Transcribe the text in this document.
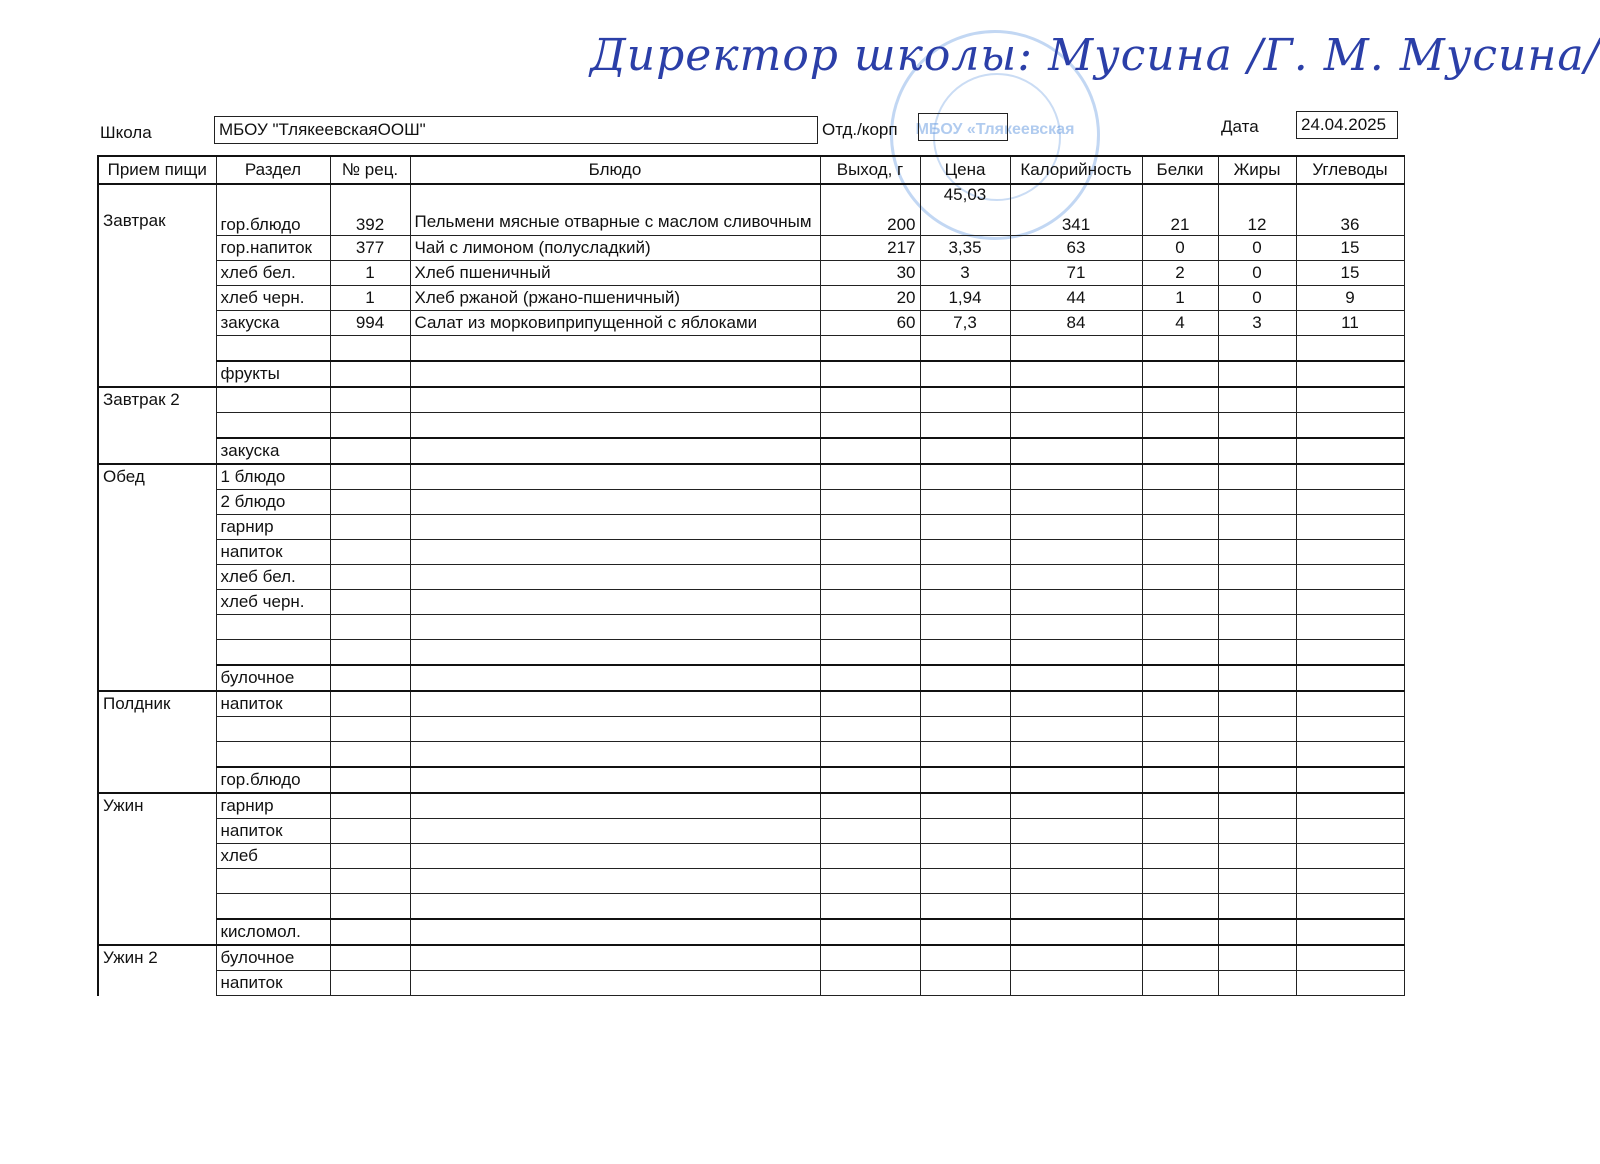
МБОУ «Тлякеевская
Директор школы: Мусина /Г. М. Мусина/
Школа	МБОУ "ТлякеевскаяООШ"	Отд./корп	Дата 24.04.2025
Прием пищи	Раздел	№ рец.	Блюдо	Выход, г	Цена	Калорийность	Белки	Жиры	Углеводы
Завтрак	гор.блюдо	392	Пельмени мясные отварные с маслом сливочным	200	45,03	341	21	12	36
	гор.напиток	377	Чай с лимоном (полусладкий)	217	3,35	63	0	0	15
	хлеб бел.	1	Хлеб пшеничный	30	3	71	2	0	15
	хлеб черн.	1	Хлеб ржаной (ржано-пшеничный)	20	1,94	44	1	0	9
	закуска	994	Салат из морковиприпущенной с яблоками	60	7,3	84	4	3	11

	фрукты								
Завтрак 2									

	закуска								
Обед	1 блюдо								
	2 блюдо								
	гарнир								
	напиток								
	хлеб бел.								
	хлеб черн.								

	булочное								
Полдник	напиток								

	гор.блюдо								
Ужин	гарнир								
	напиток								
	хлеб								

	кисломол.								
Ужин 2	булочное								
	напиток								
